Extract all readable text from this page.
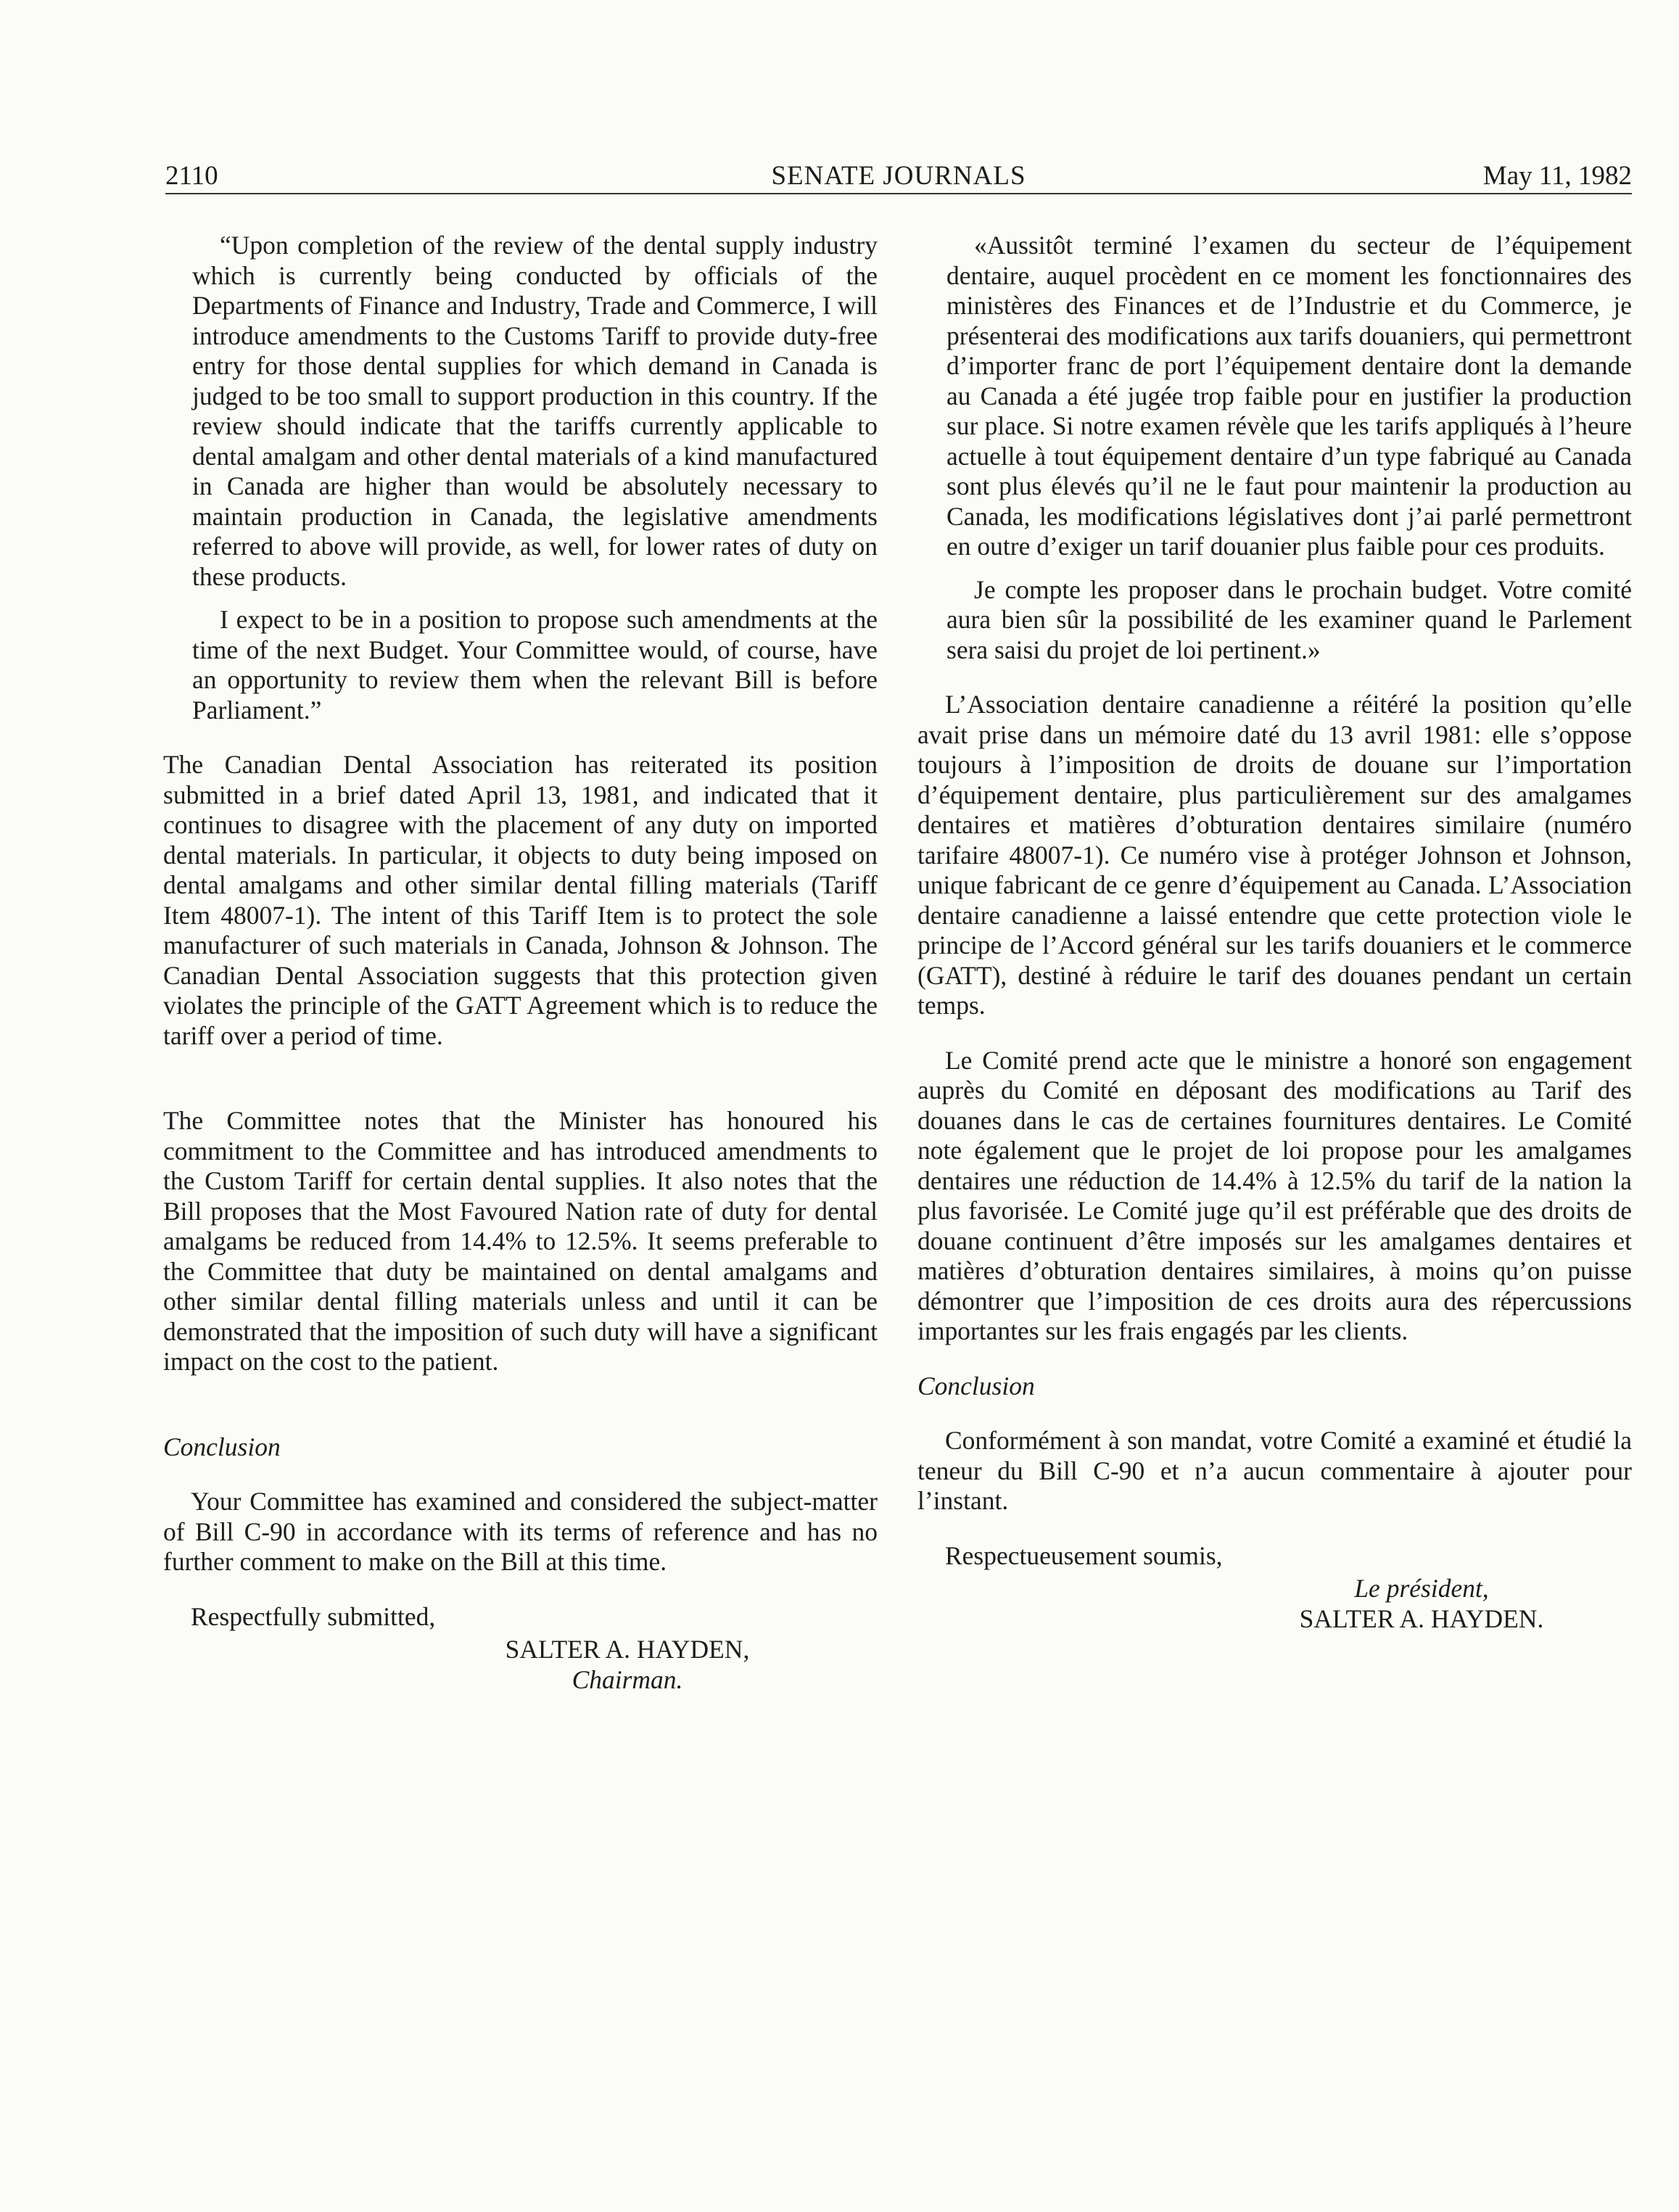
2110	SENATE JOURNALS	May 11, 1982

“Upon completion of the review of the dental supply industry which is currently being conducted by officials of the Departments of Finance and Industry, Trade and Commerce, I will introduce amendments to the Customs Tariff to provide duty-free entry for those dental supplies for which demand in Canada is judged to be too small to support production in this country. If the review should indicate that the tariffs currently applicable to dental amalgam and other dental materials of a kind manufactured in Canada are higher than would be absolutely necessary to maintain production in Canada, the legislative amendments referred to above will provide, as well, for lower rates of duty on these products.

I expect to be in a position to propose such amendments at the time of the next Budget. Your Committee would, of course, have an opportunity to review them when the relevant Bill is before Parliament.”

The Canadian Dental Association has reiterated its position submitted in a brief dated April 13, 1981, and indicated that it continues to disagree with the placement of any duty on imported dental materials. In particular, it objects to duty being imposed on dental amalgams and other similar dental filling materials (Tariff Item 48007-1). The intent of this Tariff Item is to protect the sole manufacturer of such materials in Canada, Johnson & Johnson. The Canadian Dental Association suggests that this protection given violates the principle of the GATT Agreement which is to reduce the tariff over a period of time.

The Committee notes that the Minister has honoured his commitment to the Committee and has introduced amendments to the Custom Tariff for certain dental supplies. It also notes that the Bill proposes that the Most Favoured Nation rate of duty for dental amalgams be reduced from 14.4% to 12.5%. It seems preferable to the Committee that duty be maintained on dental amalgams and other similar dental filling materials unless and until it can be demonstrated that the imposition of such duty will have a significant impact on the cost to the patient.

Conclusion

Your Committee has examined and considered the subject-matter of Bill C-90 in accordance with its terms of reference and has no further comment to make on the Bill at this time.

Respectfully submitted,

SALTER A. HAYDEN,
Chairman.

«Aussitôt terminé l’examen du secteur de l’équipement dentaire, auquel procèdent en ce moment les fonctionnaires des ministères des Finances et de l’Industrie et du Commerce, je présenterai des modifications aux tarifs douaniers, qui permettront d’importer franc de port l’équipement dentaire dont la demande au Canada a été jugée trop faible pour en justifier la production sur place. Si notre examen révèle que les tarifs appliqués à l’heure actuelle à tout équipement dentaire d’un type fabriqué au Canada sont plus élevés qu’il ne le faut pour maintenir la production au Canada, les modifications législatives dont j’ai parlé permettront en outre d’exiger un tarif douanier plus faible pour ces produits.

Je compte les proposer dans le prochain budget. Votre comité aura bien sûr la possibilité de les examiner quand le Parlement sera saisi du projet de loi pertinent.»

L’Association dentaire canadienne a réitéré la position qu’elle avait prise dans un mémoire daté du 13 avril 1981: elle s’oppose toujours à l’imposition de droits de douane sur l’importation d’équipement dentaire, plus particulièrement sur des amalgames dentaires et matières d’obturation dentaires similaire (numéro tarifaire 48007-1). Ce numéro vise à protéger Johnson et Johnson, unique fabricant de ce genre d’équipement au Canada. L’Association dentaire canadienne a laissé entendre que cette protection viole le principe de l’Accord général sur les tarifs douaniers et le commerce (GATT), destiné à réduire le tarif des douanes pendant un certain temps.

Le Comité prend acte que le ministre a honoré son engagement auprès du Comité en déposant des modifications au Tarif des douanes dans le cas de certaines fournitures dentaires. Le Comité note également que le projet de loi propose pour les amalgames dentaires une réduction de 14.4% à 12.5% du tarif de la nation la plus favorisée. Le Comité juge qu’il est préférable que des droits de douane continuent d’être imposés sur les amalgames dentaires et matières d’obturation dentaires similaires, à moins qu’on puisse démontrer que l’imposition de ces droits aura des répercussions importantes sur les frais engagés par les clients.

Conclusion

Conformément à son mandat, votre Comité a examiné et étudié la teneur du Bill C-90 et n’a aucun commentaire à ajouter pour l’instant.

Respectueusement soumis,

Le président,
SALTER A. HAYDEN.
